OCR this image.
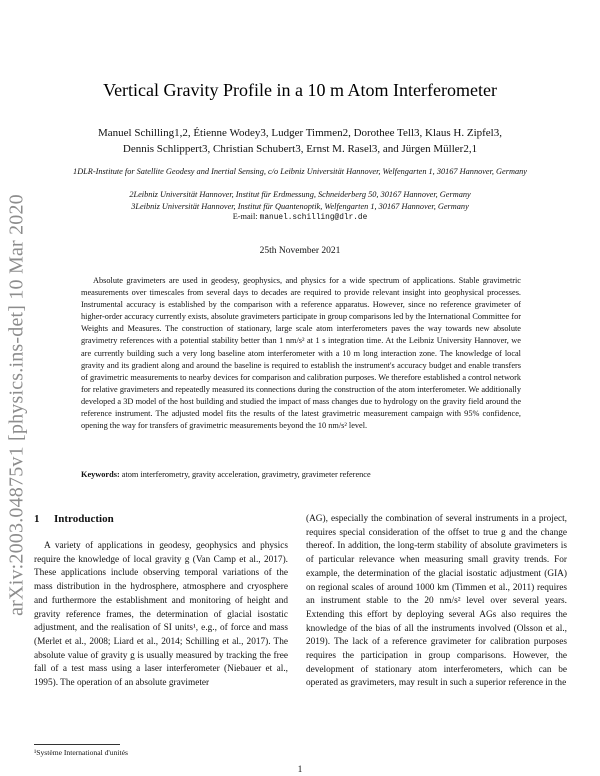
arXiv:2003.04875v1 [physics.ins-det] 10 Mar 2020
Vertical Gravity Profile in a 10 m Atom Interferometer
Manuel Schilling1,2, Étienne Wodey3, Ludger Timmen2, Dorothee Tell3, Klaus H. Zipfel3,
Dennis Schlippert3, Christian Schubert3, Ernst M. Rasel3, and Jürgen Müller2,1
1DLR-Institute for Satellite Geodesy and Inertial Sensing, c/o Leibniz Universität Hannover, Welfengarten 1, 30167 Hannover, Germany
2Leibniz Universität Hannover, Institut für Erdmessung, Schneiderberg 50, 30167 Hannover, Germany
3Leibniz Universität Hannover, Institut für Quantenoptik, Welfengarten 1, 30167 Hannover, Germany
E-mail: manuel.schilling@dlr.de
25th November 2021

Absolute gravimeters are used in geodesy, geophysics, and physics for a wide spectrum of applications. Stable gravimetric measurements over timescales from several days to decades are required to provide relevant insight into geophysical processes. Instrumental accuracy is established by the comparison with a reference apparatus. However, since no reference gravimeter of higher-order accuracy currently exists, absolute gravimeters participate in group comparisons led by the International Committee for Weights and Measures. The construction of stationary, large scale atom interferometers paves the way towards new absolute gravimetry references with a potential stability better than 1 nm/s² at 1 s integration time. At the Leibniz University Hannover, we are currently building such a very long baseline atom interferometer with a 10 m long interaction zone. The knowledge of local gravity and its gradient along and around the baseline is required to establish the instrument's accuracy budget and enable transfers of gravimetric measurements to nearby devices for comparison and calibration purposes. We therefore established a control network for relative gravimeters and repeatedly measured its connections during the construction of the atom interferometer. We additionally developed a 3D model of the host building and studied the impact of mass changes due to hydrology on the gravity field around the reference instrument. The adjusted model fits the results of the latest gravimetric measurement campaign with 95% confidence, opening the way for transfers of gravimetric measurements beyond the 10 nm/s² level.

Keywords: atom interferometry, gravity acceleration, gravimetry, gravimeter reference
1 Introduction

A variety of applications in geodesy, geophysics and physics require the knowledge of local gravity g (Van Camp et al., 2017). These applications include observing temporal variations of the mass distribution in the hydrosphere, atmosphere and cryosphere and furthermore the establishment and monitoring of height and gravity reference frames, the determination of glacial isostatic adjustment, and the realisation of SI units¹, e.g., of force and mass (Merlet et al., 2008; Liard et al., 2014; Schilling et al., 2017). The absolute value of gravity g is usually measured by tracking the free fall of a test mass using a laser interferometer (Niebauer et al., 1995). The operation of an absolute gravimeter

(AG), especially the combination of several instruments in a project, requires special consideration of the offset to true g and the change thereof. In addition, the long-term stability of absolute gravimeters is of particular relevance when measuring small gravity trends. For example, the determination of the glacial isostatic adjustment (GIA) on regional scales of around 1000 km (Timmen et al., 2011) requires an instrument stable to the 20 nm/s² level over several years. Extending this effort by deploying several AGs also requires the knowledge of the bias of all the instruments involved (Olsson et al., 2019). The lack of a reference gravimeter for calibration purposes requires the participation in group comparisons. However, the development of stationary atom interferometers, which can be operated as gravimeters, may result in such a superior reference in the

¹Système International d'unités
1
